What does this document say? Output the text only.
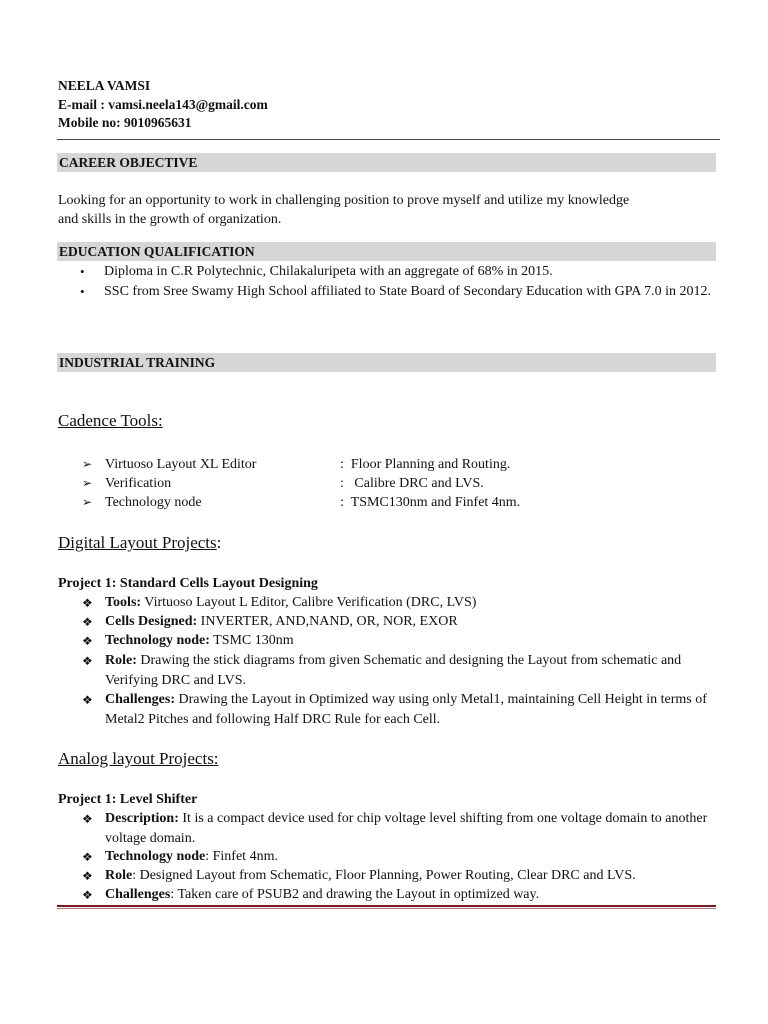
NEELA VAMSI
E-mail : vamsi.neela143@gmail.com
Mobile no: 9010965631
CAREER OBJECTIVE
Looking for an opportunity to work in challenging position to prove myself and utilize my knowledge
and skills in the growth of organization.
EDUCATION QUALIFICATION
• Diploma in C.R Polytechnic, Chilakaluripeta with an aggregate of 68% in 2015.
• SSC from Sree Swamy High School affiliated to State Board of Secondary Education with GPA 7.0 in 2012.
INDUSTRIAL TRAINING
Cadence Tools:
➢ Virtuoso Layout XL Editor	:  Floor Planning and Routing.
➢ Verification	:   Calibre DRC and LVS.
➢ Technology node	:  TSMC130nm and Finfet 4nm.
Digital Layout Projects:
Project 1: Standard Cells Layout Designing
❖ Tools: Virtuoso Layout L Editor, Calibre Verification (DRC, LVS)
❖ Cells Designed: INVERTER, AND,NAND, OR, NOR, EXOR
❖ Technology node: TSMC 130nm
❖ Role: Drawing the stick diagrams from given Schematic and designing the Layout from schematic and Verifying DRC and LVS.
❖ Challenges: Drawing the Layout in Optimized way using only Metal1, maintaining Cell Height in terms of Metal2 Pitches and following Half DRC Rule for each Cell.
Analog layout Projects:
Project 1: Level Shifter
❖ Description: It is a compact device used for chip voltage level shifting from one voltage domain to another voltage domain.
❖ Technology node: Finfet 4nm.
❖ Role: Designed Layout from Schematic, Floor Planning, Power Routing, Clear DRC and LVS.
❖ Challenges: Taken care of PSUB2 and drawing the Layout in optimized way.
